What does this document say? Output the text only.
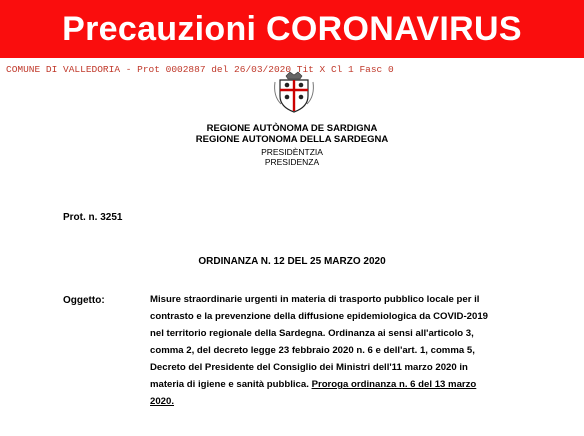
Precauzioni CORONAVIRUS
COMUNE DI VALLEDORIA - Prot 0002887 del 26/03/2020 Tit X Cl 1 Fasc 0
REGIONE AUTÒNOMA DE SARDIGNA
REGIONE AUTONOMA DELLA SARDEGNA
PRESIDÈNTZIA
PRESIDENZA
Prot. n. 3251
ORDINANZA N. 12 DEL 25 MARZO 2020
Oggetto:	Misure straordinarie urgenti in materia di trasporto pubblico locale per il
contrasto e la prevenzione della diffusione epidemiologica da COVID-2019
nel territorio regionale della Sardegna. Ordinanza ai sensi all'articolo 3,
comma 2, del decreto legge 23 febbraio 2020 n. 6 e dell'art. 1, comma 5,
Decreto del Presidente del Consiglio dei Ministri dell'11 marzo 2020 in
materia di igiene e sanità pubblica. Proroga ordinanza n. 6 del 13 marzo
2020.
